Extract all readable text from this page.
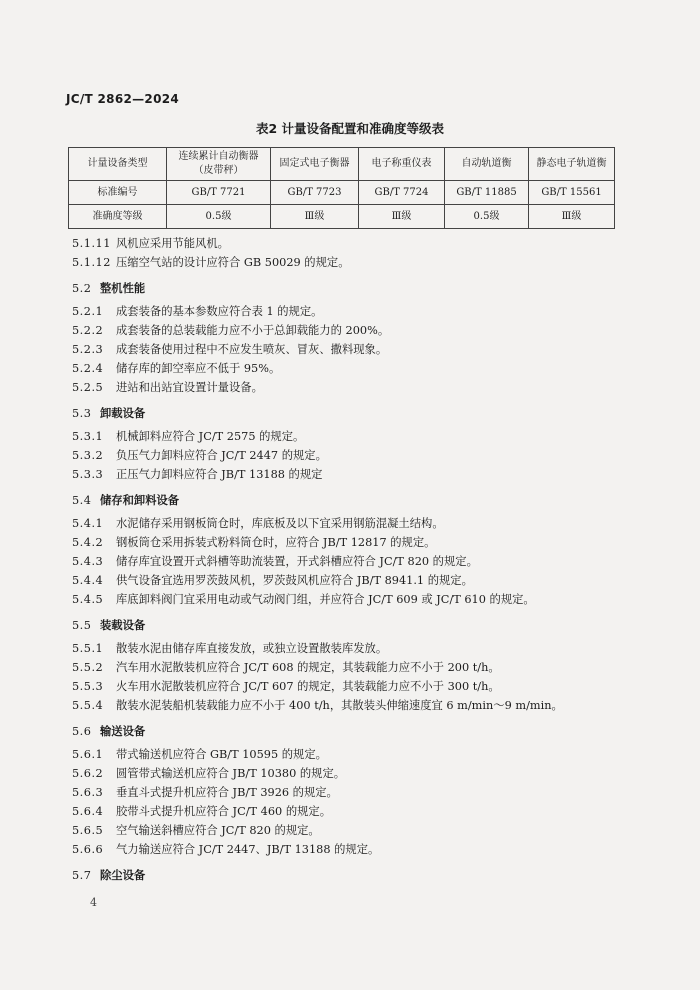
JC/T 2862—2024
表2 计量设备配置和准确度等级表
计量设备类型	连续累计自动衡器（皮带秤）	固定式电子衡器	电子称重仪表	自动轨道衡	静态电子轨道衡
标准编号	GB/T 7721	GB/T 7723	GB/T 7724	GB/T 11885	GB/T 15561
准确度等级	0.5级	Ⅲ级	Ⅲ级	0.5级	Ⅲ级
5.1.11 风机应采用节能风机。
5.1.12 压缩空气站的设计应符合 GB 50029 的规定。
5.2 整机性能
5.2.1 成套装备的基本参数应符合表 1 的规定。
5.2.2 成套装备的总装载能力应不小于总卸载能力的 200%。
5.2.3 成套装备使用过程中不应发生喷灰、冒灰、撒料现象。
5.2.4 储存库的卸空率应不低于 95%。
5.2.5 进站和出站宜设置计量设备。
5.3 卸载设备
5.3.1 机械卸料应符合 JC/T 2575 的规定。
5.3.2 负压气力卸料应符合 JC/T 2447 的规定。
5.3.3 正压气力卸料应符合 JB/T 13188 的规定
5.4 储存和卸料设备
5.4.1 水泥储存采用钢板筒仓时，库底板及以下宜采用钢筋混凝土结构。
5.4.2 钢板筒仓采用拆装式粉料筒仓时，应符合 JB/T 12817 的规定。
5.4.3 储存库宜设置开式斜槽等助流装置，开式斜槽应符合 JC/T 820 的规定。
5.4.4 供气设备宜选用罗茨鼓风机，罗茨鼓风机应符合 JB/T 8941.1 的规定。
5.4.5 库底卸料阀门宜采用电动或气动阀门组，并应符合 JC/T 609 或 JC/T 610 的规定。
5.5 装载设备
5.5.1 散装水泥由储存库直接发放，或独立设置散装库发放。
5.5.2 汽车用水泥散装机应符合 JC/T 608 的规定，其装载能力应不小于 200 t/h。
5.5.3 火车用水泥散装机应符合 JC/T 607 的规定，其装载能力应不小于 300 t/h。
5.5.4 散装水泥装船机装载能力应不小于 400 t/h，其散装头伸缩速度宜 6 m/min～9 m/min。
5.6 输送设备
5.6.1 带式输送机应符合 GB/T 10595 的规定。
5.6.2 圆管带式输送机应符合 JB/T 10380 的规定。
5.6.3 垂直斗式提升机应符合 JB/T 3926 的规定。
5.6.4 胶带斗式提升机应符合 JC/T 460 的规定。
5.6.5 空气输送斜槽应符合 JC/T 820 的规定。
5.6.6 气力输送应符合 JC/T 2447、JB/T 13188 的规定。
5.7 除尘设备
4
